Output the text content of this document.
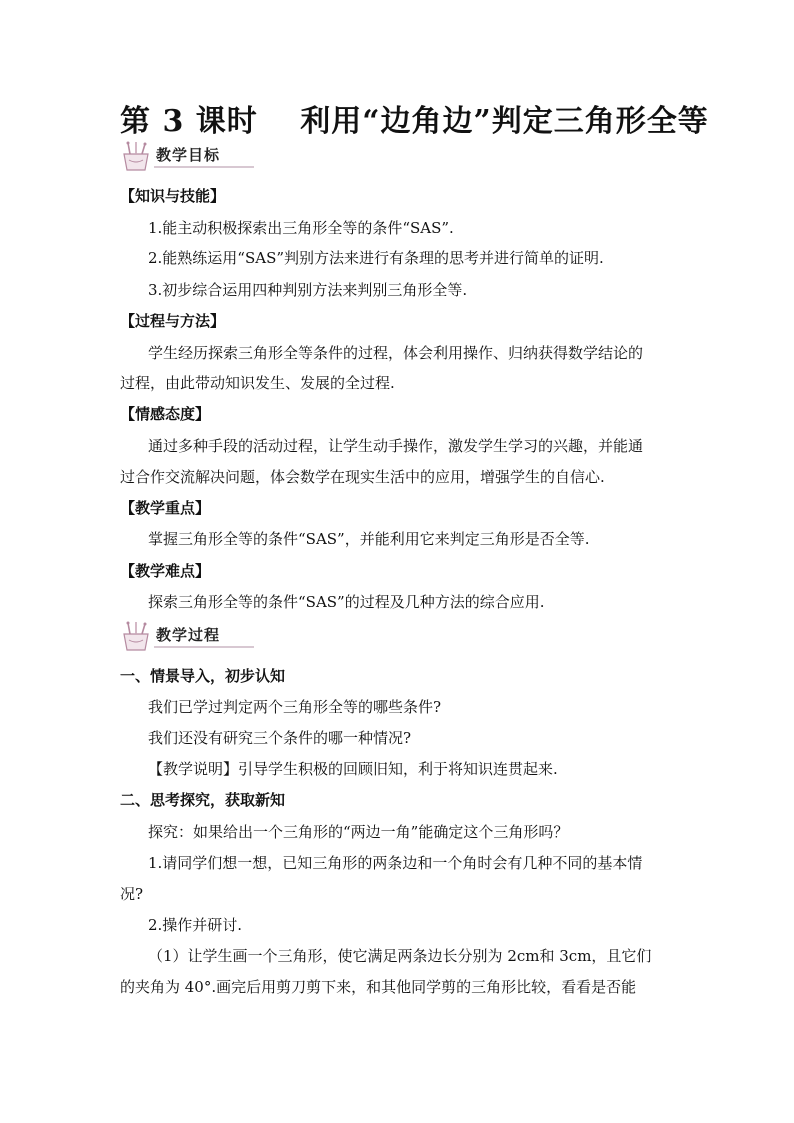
第 3 课时　 利用“边角边”判定三角形全等
教学目标
【知识与技能】
1.能主动积极探索出三角形全等的条件“SAS”.
2.能熟练运用“SAS”判别方法来进行有条理的思考并进行简单的证明.
3.初步综合运用四种判别方法来判别三角形全等.
【过程与方法】
学生经历探索三角形全等条件的过程，体会利用操作、归纳获得数学结论的
过程，由此带动知识发生、发展的全过程.
【情感态度】
通过多种手段的活动过程，让学生动手操作，激发学生学习的兴趣，并能通
过合作交流解决问题，体会数学在现实生活中的应用，增强学生的自信心.
【教学重点】
掌握三角形全等的条件“SAS”，并能利用它来判定三角形是否全等.
【教学难点】
探索三角形全等的条件“SAS”的过程及几种方法的综合应用.
教学过程
一、情景导入，初步认知
我们已学过判定两个三角形全等的哪些条件?
我们还没有研究三个条件的哪一种情况?
【教学说明】引导学生积极的回顾旧知，利于将知识连贯起来.
二、思考探究，获取新知
探究：如果给出一个三角形的“两边一角”能确定这个三角形吗？
1.请同学们想一想，已知三角形的两条边和一个角时会有几种不同的基本情
况?
2.操作并研讨.
（1）让学生画一个三角形，使它满足两条边长分别为 2cm和 3cm，且它们
的夹角为 40°.画完后用剪刀剪下来，和其他同学剪的三角形比较，看看是否能
